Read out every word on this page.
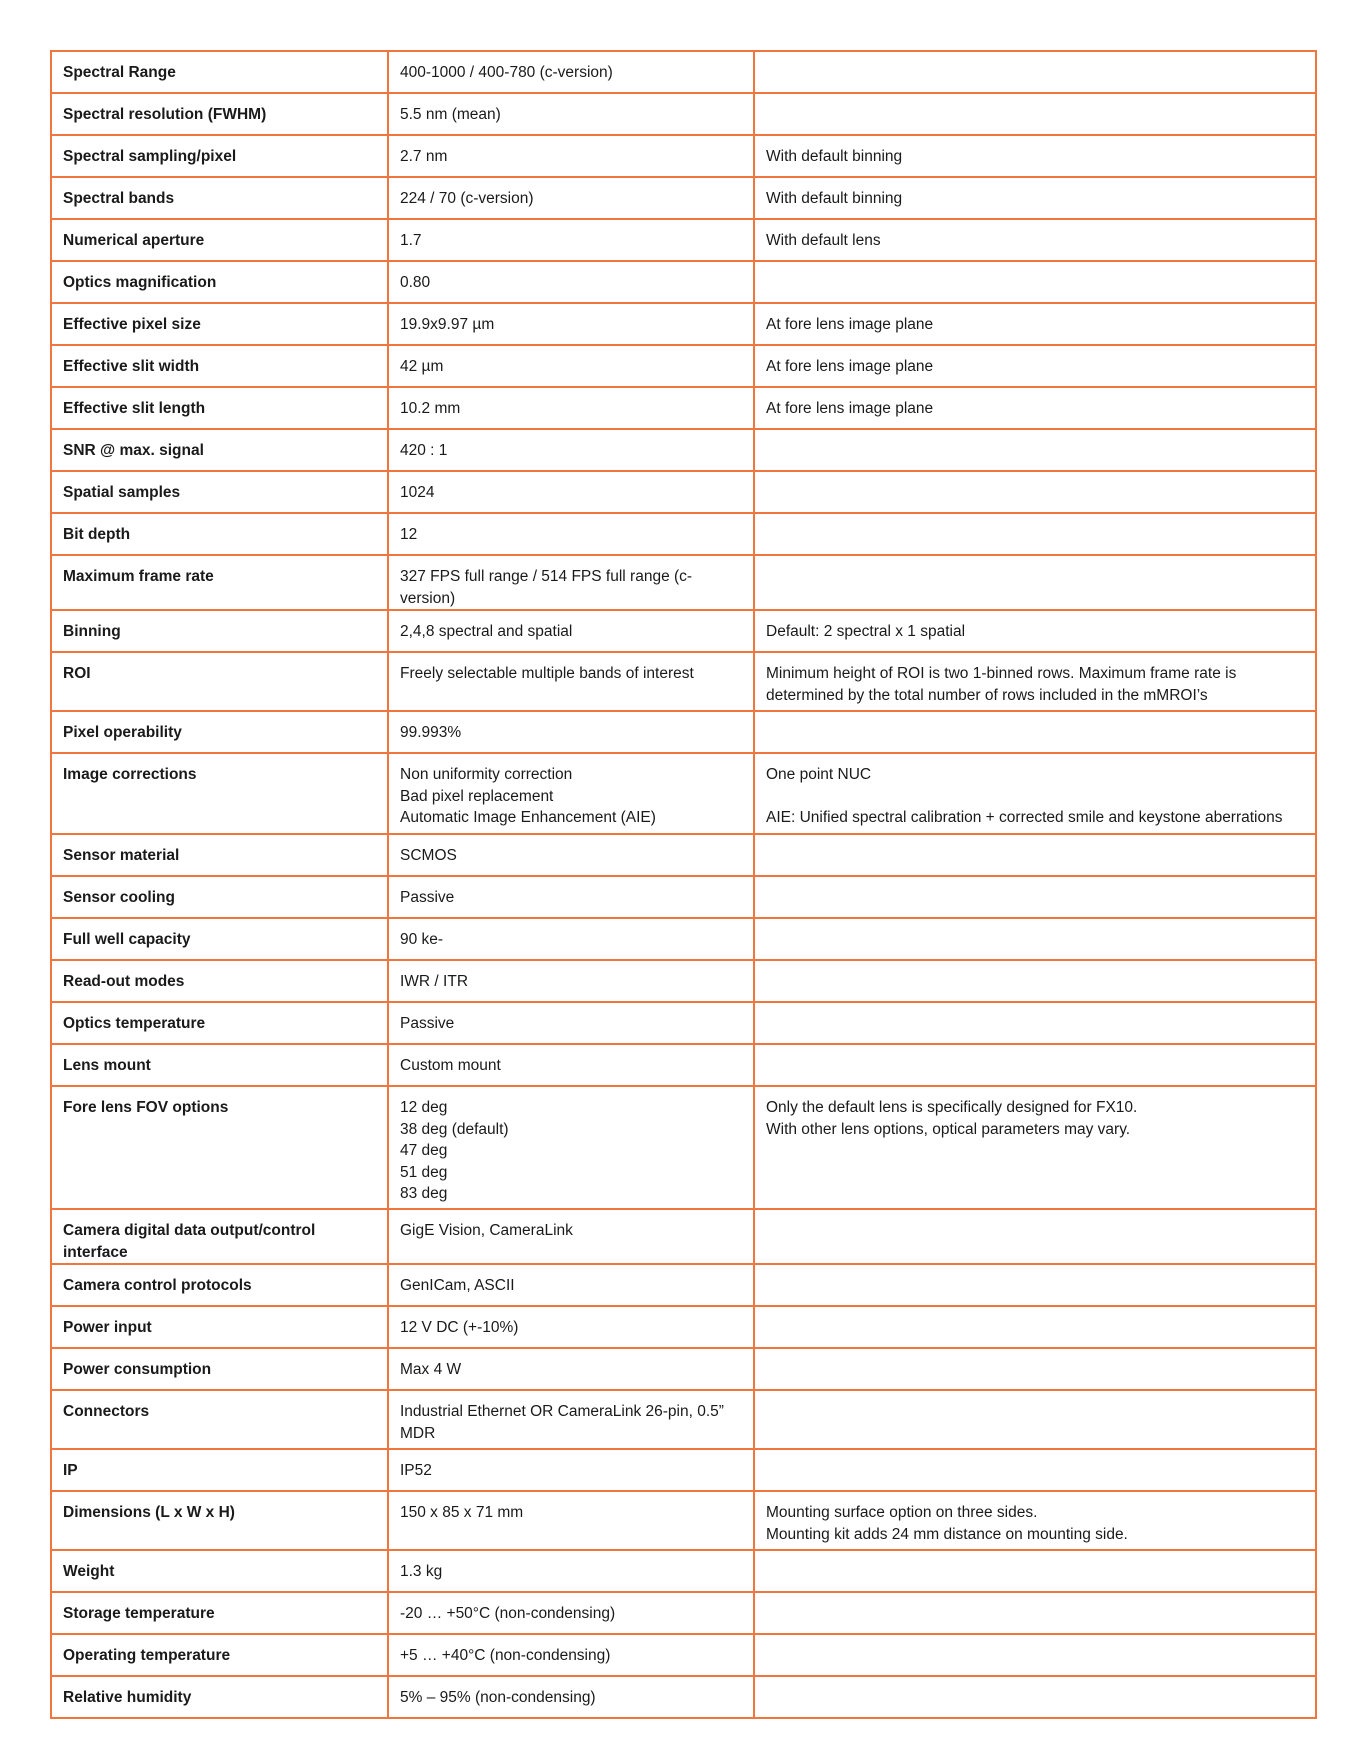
Spectral Range	400-1000 / 400-780 (c-version)	
Spectral resolution (FWHM)	5.5 nm (mean)	
Spectral sampling/pixel	2.7 nm	With default binning
Spectral bands	224 / 70 (c-version)	With default binning
Numerical aperture	1.7	With default lens
Optics magnification	0.80	
Effective pixel size	19.9x9.97 µm	At fore lens image plane
Effective slit width	42 µm	At fore lens image plane
Effective slit length	10.2 mm	At fore lens image plane
SNR @ max. signal	420 : 1	
Spatial samples	1024	
Bit depth	12	
Maximum frame rate	327 FPS full range / 514 FPS full range (c-version)	
Binning	2,4,8 spectral and spatial	Default: 2 spectral x 1 spatial
ROI	Freely selectable multiple bands of interest	Minimum height of ROI is two 1-binned rows. Maximum frame rate is
determined by the total number of rows included in the mMROI’s
Pixel operability	99.993%	
Image corrections	Non uniformity correction
Bad pixel replacement
Automatic Image Enhancement (AIE)	One point NUC

AIE: Unified spectral calibration + corrected smile and keystone aberrations
Sensor material	SCMOS	
Sensor cooling	Passive	
Full well capacity	90 ke-	
Read-out modes	IWR / ITR	
Optics temperature	Passive	
Lens mount	Custom mount	
Fore lens FOV options	12 deg
38 deg (default)
47 deg
51 deg
83 deg	Only the default lens is specifically designed for FX10.
With other lens options, optical parameters may vary.
Camera digital data output/control interface	GigE Vision, CameraLink	
Camera control protocols	GenICam, ASCII	
Power input	12 V DC (+-10%)	
Power consumption	Max 4 W	
Connectors	Industrial Ethernet OR CameraLink 26-pin, 0.5”
MDR	
IP	IP52	
Dimensions (L x W x H)	150 x 85 x 71 mm	Mounting surface option on three sides.
Mounting kit adds 24 mm distance on mounting side.
Weight	1.3 kg	
Storage temperature	-20 … +50°C (non-condensing)	
Operating temperature	+5 … +40°C (non-condensing)	
Relative humidity	5% – 95% (non-condensing)	
